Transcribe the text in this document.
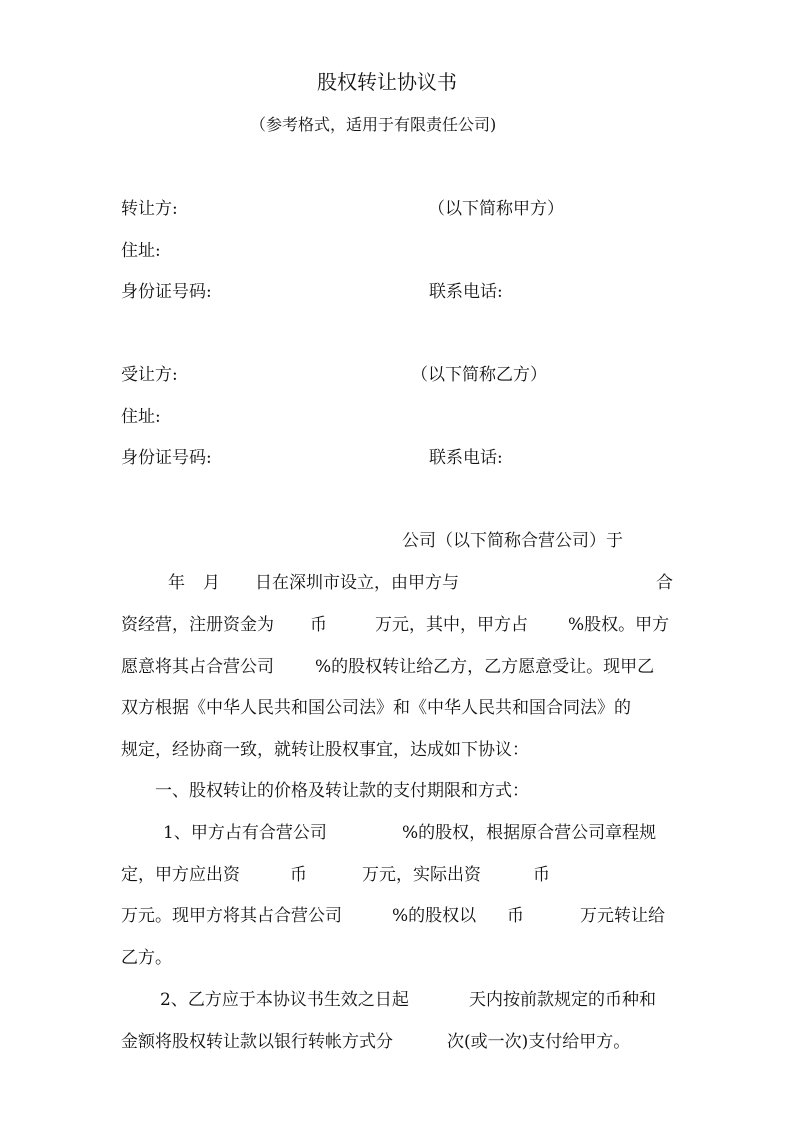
股权转让协议书
（参考格式，适用于有限责任公司)
转让方:	（以下简称甲方）
住址:
身份证号码:	联系电话:
受让方:	（以下简称乙方）
住址:
身份证号码:	联系电话:
公司（以下简称合营公司）于
年 月 日在深圳市设立，由甲方与	合
资经营，注册资金为 币	万元，其中，甲方占 %股权。甲方
愿意将其占合营公司 %的股权转让给乙方，乙方愿意受让。现甲乙
双方根据《中华人民共和国公司法》和《中华人民共和国合同法》的
规定，经协商一致，就转让股权事宜，达成如下协议：
一、股权转让的价格及转让款的支付期限和方式：
1、甲方占有合营公司	%的股权，根据原合营公司章程规
定，甲方应出资	币	万元，实际出资	币
万元。现甲方将其占合营公司	%的股权以 币	万元转让给
乙方。
2、乙方应于本协议书生效之日起	天内按前款规定的币种和
金额将股权转让款以银行转帐方式分	次(或一次)支付给甲方。
